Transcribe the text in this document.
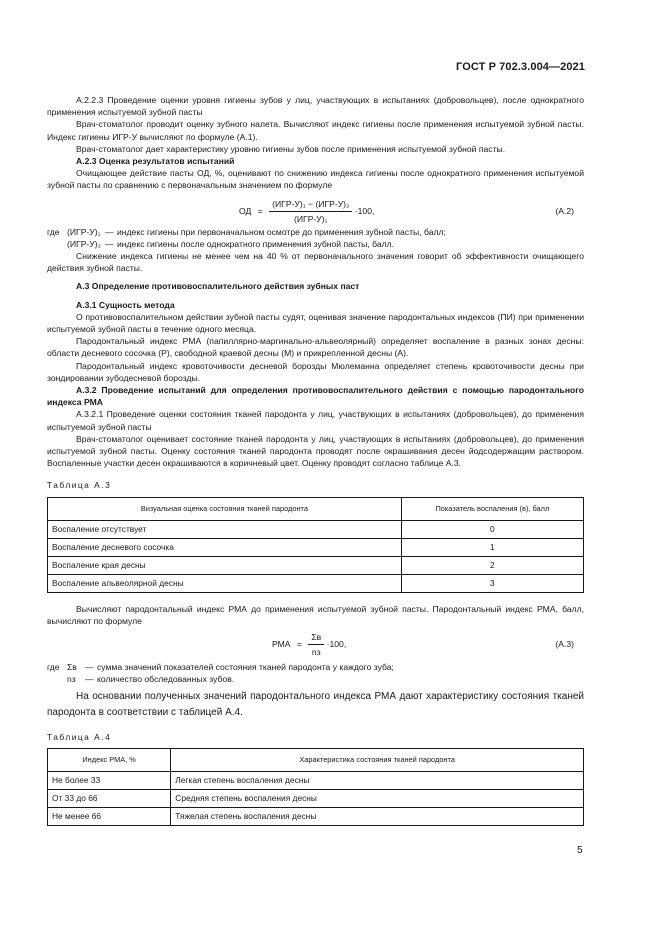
ГОСТ Р 702.3.004—2021

А.2.2.3 Проведение оценки уровня гигиены зубов у лиц, участвующих в испытаниях (добровольцев), после однократного применения испытуемой зубной пасты

Врач-стоматолог проводит оценку зубного налета. Вычисляют индекс гигиены после применения испытуемой зубной пасты. Индекс гигиены ИГР-У вычисляют по формуле (А.1).

Врач-стоматолог дает характеристику уровню гигиены зубов после применения испытуемой зубной пасты.

А.2.3 Оценка результатов испытаний

Очищающее действие пасты ОД, %, оценивают по снижению индекса гигиены после однократного применения испытуемой зубной пасты по сравнению с первоначальным значением по формуле

ОД = $\frac{\text{(ИГР-У)₁ − (ИГР-У)₂}}{\text{(ИГР-У)₁}} \cdot 100$,	(А.2)
где (ИГР-У)₁ — индекс гигиены при первоначальном осмотре до применения зубной пасты, балл;
(ИГР-У)₂ — индекс гигиены после однократного применения зубной пасты, балл.

Снижение индекса гигиены не менее чем на 40 % от первоначального значения говорит об эффективности очищающего действия зубной пасты.

А.3 Определение противовоспалительного действия зубных паст

А.3.1 Сущность метода

О противовоспалительном действии зубной пасты судят, оценивая значение пародонтальных индексов (ПИ) при применении испытуемой зубной пасты в течение одного месяца.

Пародонтальный индекс РМА (папиллярно-маргинально-альвеолярный) определяет воспаление в разных зонах десны: области десневого сосочка (Р), свободной краевой десны (М) и прикрепленной десны (А).

Пародонтальный индекс кровоточивости десневой борозды Мюлеманна определяет степень кровоточивости десны при зондировании зубодесневой борозды.

А.3.2 Проведение испытаний для определения противовоспалительного действия с помощью пародонтального индекса РМА

А.3.2.1 Проведение оценки состояния тканей пародонта у лиц, участвующих в испытаниях (добровольцев), до применения испытуемой зубной пасты

Врач-стоматолог оценивает состояние тканей пародонта у лиц, участвующих в испытаниях (добровольцев), до применения испытуемой зубной пасты. Оценку состояния тканей пародонта проводят после окрашивания десен йодсодержащим раствором. Воспаленные участки десен окрашиваются в коричневый цвет. Оценку проводят согласно таблице А.3.

Таблица А.3
Визуальная оценка состояния тканей пародонта	Показатель воспаления (в), балл
Воспаление отсутствует	0
Воспаление десневого сосочка	1
Воспаление края десны	2
Воспаление альвеолярной десны	3

Вычисляют пародонтальный индекс РМА до применения испытуемой зубной пасты. Пародонтальный индекс РМА, балл, вычисляют по формуле

РМА = $\frac{\Sigma в}{nз} \cdot 100$,	(А.3)
где Σв — сумма значений показателей состояния тканей пародонта у каждого зуба;
nз	— количество обследованных зубов.

На основании полученных значений пародонтального индекса РМА дают характеристику состояния тканей пародонта в соответствии с таблицей А.4.

Таблица А.4
Индекс РМА, %	Характеристика состояния тканей пародонта
Не более 33	Легкая степень воспаления десны
От 33 до 66	Средняя степень воспаления десны
Не менее 66	Тяжелая степень воспаления десны
5
